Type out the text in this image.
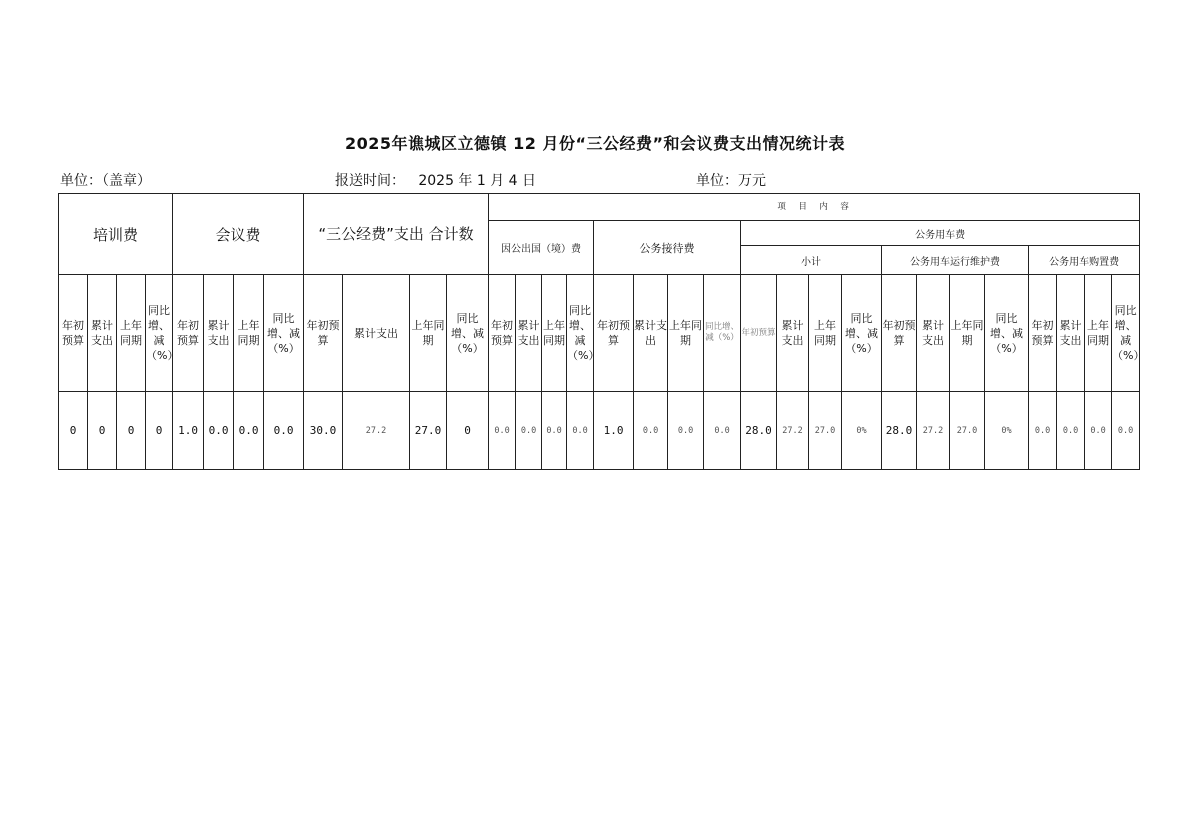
2025年谯城区立德镇 12 月份“三公经费”和会议费支出情况统计表
单位：（盖章）	报送时间：   2025 年 1 月 4 日	单位：万元
培训费				会议费				“三公经费”支出 合计数				项　目　内　容																			
												因公出国（境）费				公务接待费				公务用车费											
																				小计				公务用车运行维护费				公务用车购置费			
年初预算	累计支出	上年同期	同比增、减（%）	年初预算	累计支出	上年同期	同比增、减（%）	年初预算	累计支出	上年同期	同比增、减（%）	年初预算	累计支出	上年同期	同比增、减（%）	年初预算	累计支出	上年同期	同比增、减（%）	年初预算	累计支出	上年同期	同比增、减（%）	年初预算	累计支出	上年同期	同比增、减（%）	年初预算	累计支出	上年同期	同比增、减（%）
0	0	0	0	1.0	0.0	0.0	0.0	30.0	27.2	27.0	0	0.0	0.0	0.0	0.0	1.0	0.0	0.0	0.0	28.0	27.2	27.0	0%	28.0	27.2	27.0	0%	0.0	0.0	0.0	0.0
